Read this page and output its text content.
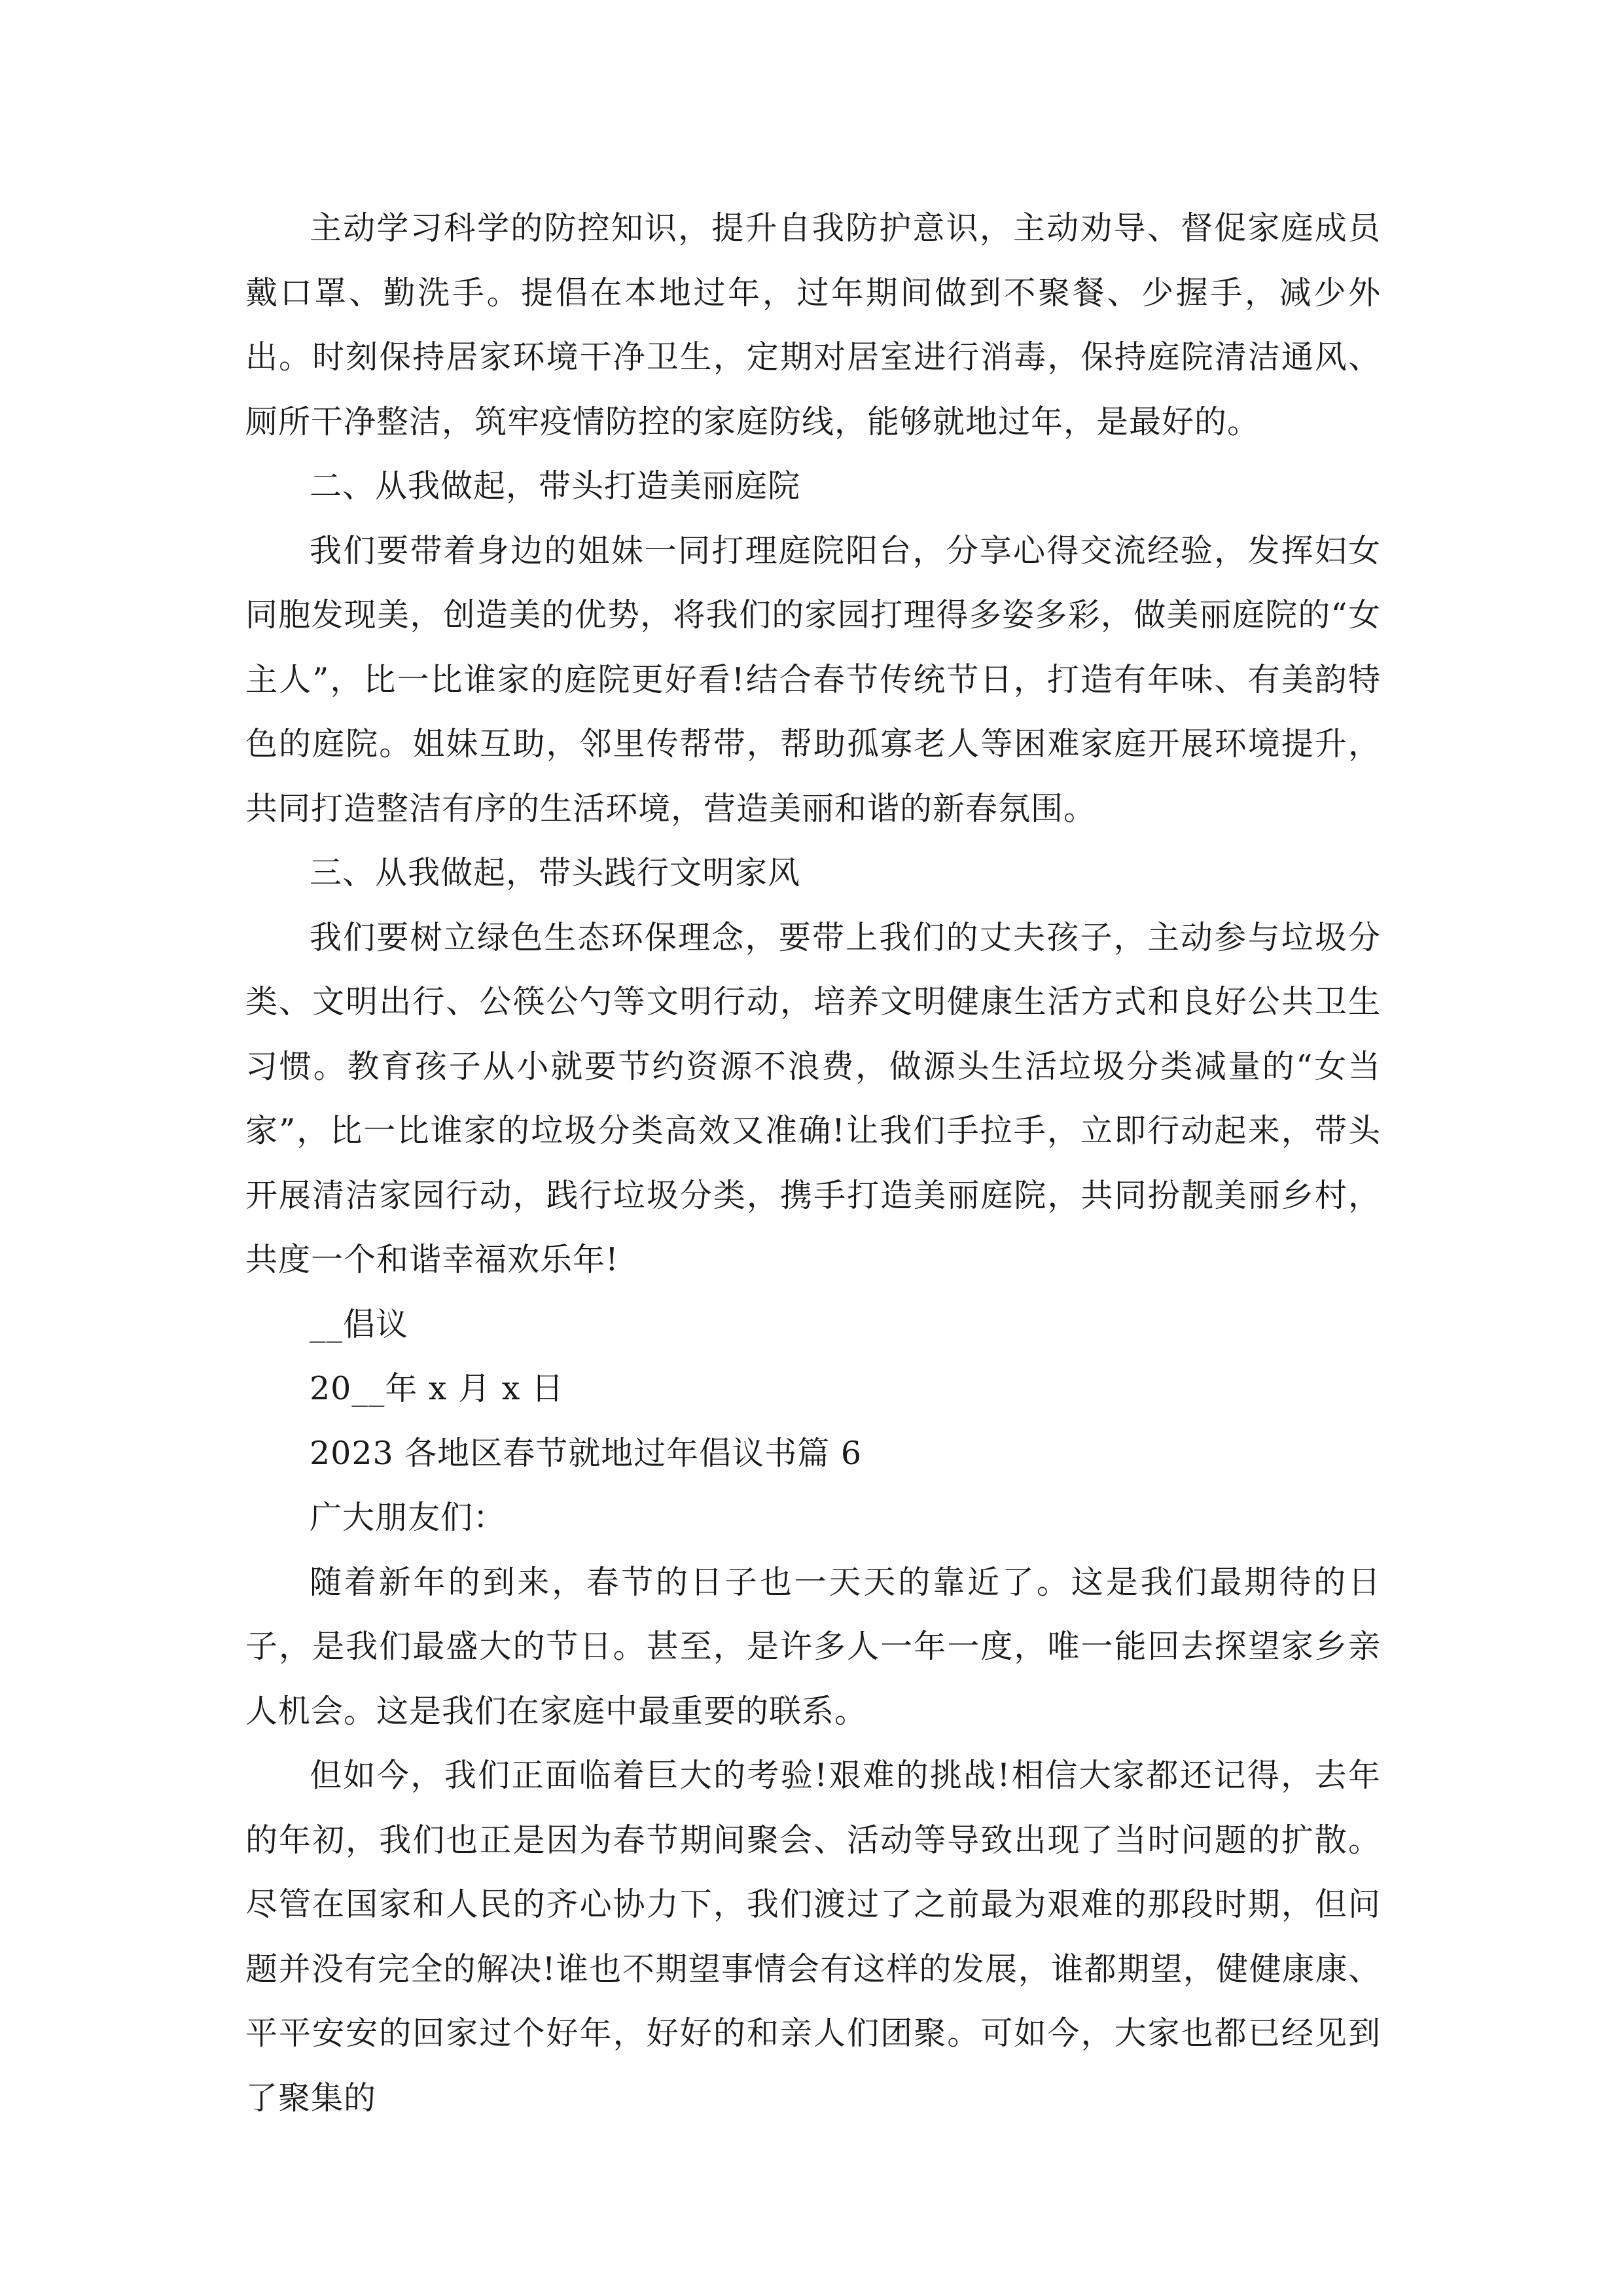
主动学习科学的防控知识，提升自我防护意识，主动劝导、督促家庭成员戴口罩、勤洗手。提倡在本地过年，过年期间做到不聚餐、少握手，减少外出。时刻保持居家环境干净卫生，定期对居室进行消毒，保持庭院清洁通风、厕所干净整洁，筑牢疫情防控的家庭防线，能够就地过年，是最好的。

二、从我做起，带头打造美丽庭院

我们要带着身边的姐妹一同打理庭院阳台，分享心得交流经验，发挥妇女同胞发现美，创造美的优势，将我们的家园打理得多姿多彩，做美丽庭院的“女主人”，比一比谁家的庭院更好看!结合春节传统节日，打造有年味、有美韵特色的庭院。姐妹互助，邻里传帮带，帮助孤寡老人等困难家庭开展环境提升，共同打造整洁有序的生活环境，营造美丽和谐的新春氛围。

三、从我做起，带头践行文明家风

我们要树立绿色生态环保理念，要带上我们的丈夫孩子，主动参与垃圾分类、文明出行、公筷公勺等文明行动，培养文明健康生活方式和良好公共卫生习惯。教育孩子从小就要节约资源不浪费，做源头生活垃圾分类减量的“女当家”，比一比谁家的垃圾分类高效又准确!让我们手拉手，立即行动起来，带头开展清洁家园行动，践行垃圾分类，携手打造美丽庭院，共同扮靓美丽乡村，共度一个和谐幸福欢乐年!

__倡议

20__年 x 月 x 日

2023 各地区春节就地过年倡议书篇 6

广大朋友们：

随着新年的到来，春节的日子也一天天的靠近了。这是我们最期待的日子，是我们最盛大的节日。甚至，是许多人一年一度，唯一能回去探望家乡亲人机会。这是我们在家庭中最重要的联系。

但如今，我们正面临着巨大的考验!艰难的挑战!相信大家都还记得，去年的年初，我们也正是因为春节期间聚会、活动等导致出现了当时问题的扩散。尽管在国家和人民的齐心协力下，我们渡过了之前最为艰难的那段时期，但问题并没有完全的解决!谁也不期望事情会有这样的发展，谁都期望，健健康康、平平安安的回家过个好年，好好的和亲人们团聚。可如今，大家也都已经见到了聚集的
